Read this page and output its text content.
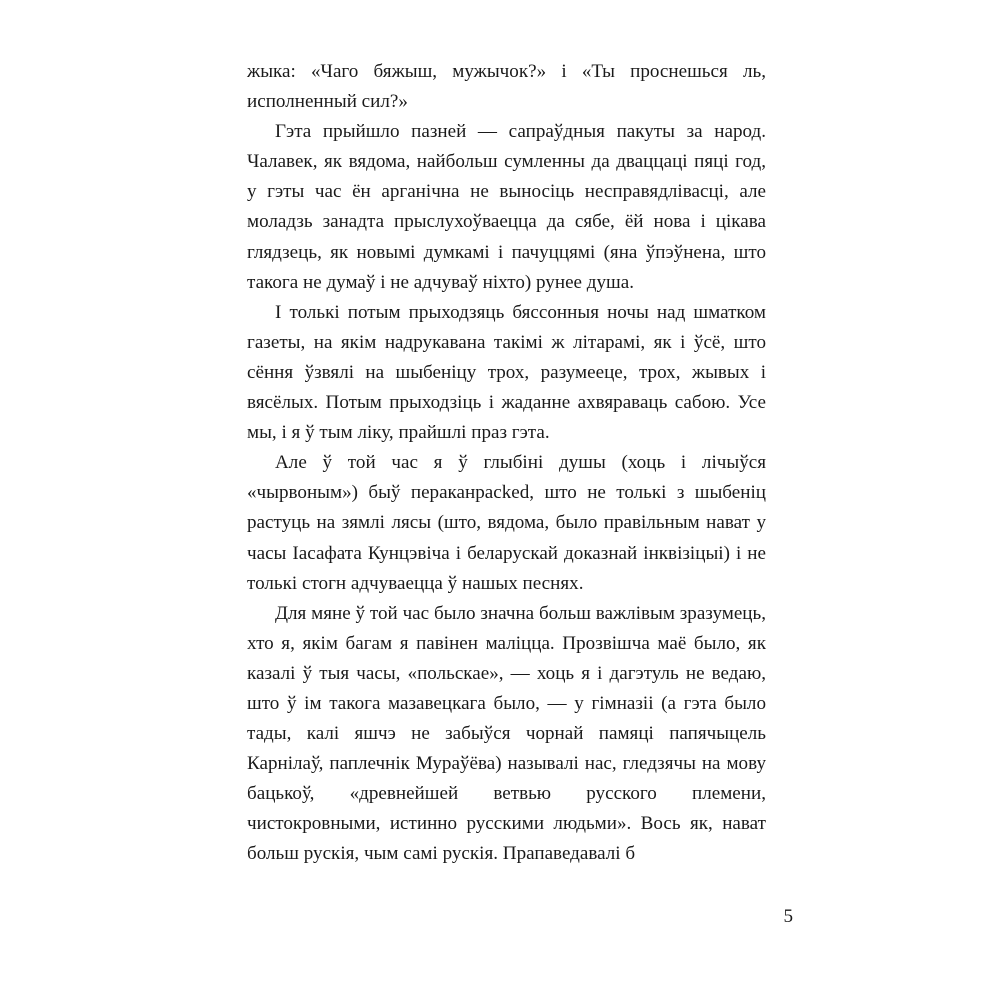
жыка: «Чаго бяжыш, мужычок?» і «Ты проснешься ль, исполненный сил?»

Гэта прыйшло пазней — сапраўдныя пакуты за народ. Чалавек, як вядома, найбольш сумленны да дваццаці пяці год, у гэты час ён арганічна не выносіць несправядлівасці, але моладзь занадта прыслухоўваецца да сябе, ёй нова і цікава глядзець, як новымі думкамі і пачуццямі (яна ўпэўнена, што такога не думаў і не адчуваў ніхто) рунее душа.

І толькі потым прыходзяць бяссонныя ночы над шматком газеты, на якім надрукавана такімі ж літарамі, як і ўсё, што сёння ўзвялі на шыбеніцу трох, разумееце, трох, жывых і вясёлых. Потым прыходзіць і жаданне ахвяраваць сабою. Усе мы, і я ў тым ліку, прайшлі праз гэта.

Але ў той час я ў глыбіні душы (хоць і лічыўся «чырвоным») быў пераканpacked, што не толькі з шыбеніц растуць на зямлі лясы (што, вядома, было правільным нават у часы Іасафата Кунцэвіча і беларускай доказнай інквізіцыі) і не толькі стогн адчуваецца ў нашых песнях.

Для мяне ў той час было значна больш важлівым зразумець, хто я, якім багам я павінен маліцца. Прозвішча маё было, як казалі ў тыя часы, «польскае», — хоць я і дагэтуль не ведаю, што ў ім такога мазавецкага было, — у гімназіі (а гэта было тады, калі яшчэ не забыўся чорнай памяці папячыцель Карнілаў, паплечнік Мураўёва) называлі нас, гледзячы на мову бацькоў, «древнейшей ветвью русского племени, чистокровными, истинно русскими людьми». Вось як, нават больш рускія, чым самі рускія. Прапаведавалі б

5
